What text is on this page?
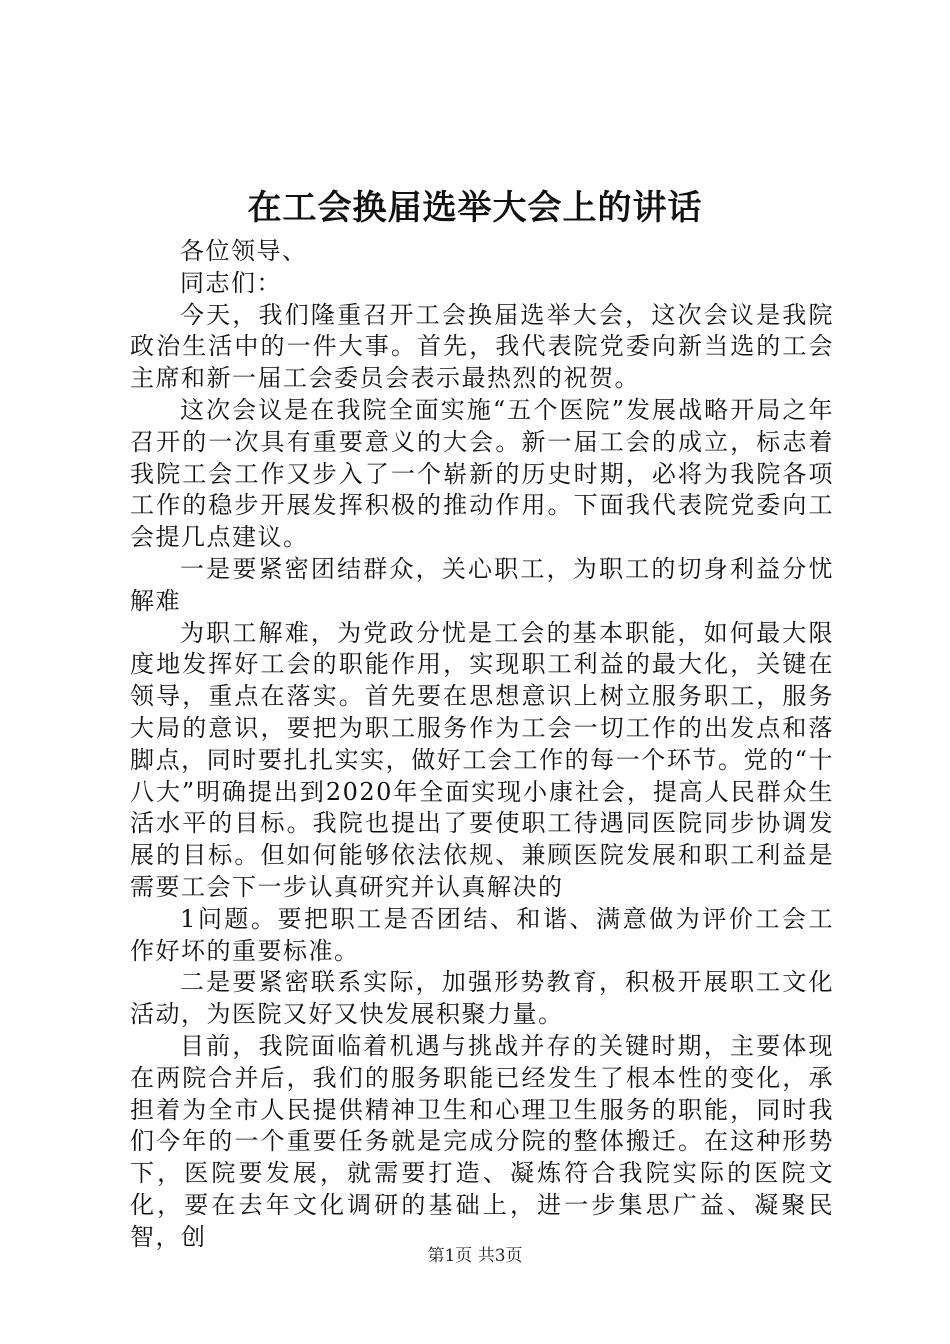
在工会换届选举大会上的讲话

各位领导、

同志们：

今天，我们隆重召开工会换届选举大会，这次会议是我院政治生活中的一件大事。首先，我代表院党委向新当选的工会主席和新一届工会委员会表示最热烈的祝贺。

这次会议是在我院全面实施“五个医院”发展战略开局之年召开的一次具有重要意义的大会。新一届工会的成立，标志着我院工会工作又步入了一个崭新的历史时期，必将为我院各项工作的稳步开展发挥积极的推动作用。下面我代表院党委向工会提几点建议。

一是要紧密团结群众，关心职工，为职工的切身利益分忧解难

为职工解难，为党政分忧是工会的基本职能，如何最大限度地发挥好工会的职能作用，实现职工利益的最大化，关键在领导，重点在落实。首先要在思想意识上树立服务职工，服务大局的意识，要把为职工服务作为工会一切工作的出发点和落脚点，同时要扎扎实实，做好工会工作的每一个环节。党的“十八大”明确提出到2020年全面实现小康社会，提高人民群众生活水平的目标。我院也提出了要使职工待遇同医院同步协调发展的目标。但如何能够依法依规、兼顾医院发展和职工利益是需要工会下一步认真研究并认真解决的

1问题。要把职工是否团结、和谐、满意做为评价工会工作好坏的重要标准。

二是要紧密联系实际，加强形势教育，积极开展职工文化活动，为医院又好又快发展积聚力量。

目前，我院面临着机遇与挑战并存的关键时期，主要体现在两院合并后，我们的服务职能已经发生了根本性的变化，承担着为全市人民提供精神卫生和心理卫生服务的职能，同时我们今年的一个重要任务就是完成分院的整体搬迁。在这种形势下，医院要发展，就需要打造、凝炼符合我院实际的医院文化，要在去年文化调研的基础上，进一步集思广益、凝聚民智，创

第1页 共3页
